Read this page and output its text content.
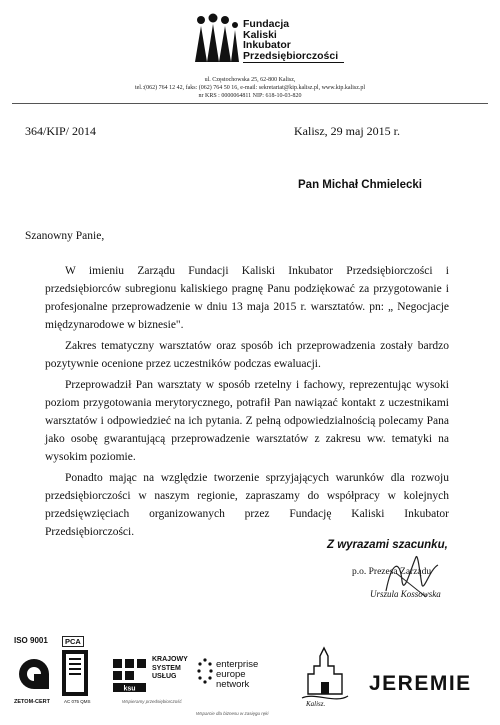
Fundacja
Kaliski
Inkubator
Przedsiębiorczości
ul. Częstochowska 25, 62-800 Kalisz,
tel.:(062) 764 12 42, faks: (062) 764 50 16, e-mail: sekretariat@kip.kalisz.pl, www.kip.kalisz.pl
nr KRS : 0000064811 NIP: 618-10-03-820
364/KIP/ 2014	Kalisz, 29 maj 2015 r.
Pan Michał Chmielecki
Szanowny Panie,

W imieniu Zarządu Fundacji Kaliski Inkubator Przedsiębiorczości i przedsiębiorców subregionu kaliskiego pragnę Panu podziękować za przygotowanie i profesjonalne przeprowadzenie w dniu 13 maja 2015 r. warsztatów. pn: „ Negocjacje międzynarodowe w biznesie".

Zakres tematyczny warsztatów oraz sposób ich przeprowadzenia zostały bardzo pozytywnie ocenione przez uczestników podczas ewaluacji.

Przeprowadził Pan warsztaty w sposób rzetelny i fachowy, reprezentując wysoki poziom przygotowania merytorycznego, potrafił Pan nawiązać kontakt z uczestnikami warsztatów i odpowiedzieć na ich pytania. Z pełną odpowiedzialnością polecamy Pana jako osobę gwarantującą przeprowadzenie warsztatów z zakresu ww. tematyki na wysokim poziomie.

Ponadto mając na względzie tworzenie sprzyjających warunków dla rozwoju przedsiębiorczości w naszym regionie, zapraszamy do współpracy w kolejnych przedsięwzięciach organizowanych przez Fundację Kaliski Inkubator Przedsiębiorczości.

Z wyrazami szacunku,
p.o. Prezesa Zarządu
Urszula Kossowska
ISO 9001	PCA
ZETOM-CERT	AC 075 QMS
ksu
KRAJOWY
SYSTEM
USŁUG
Wspieramy przedsiębiorczość
enterprise
europe
network
Wsparcie dla biznesu w zasięgu ręki
Kalisz.
JEREMIE
